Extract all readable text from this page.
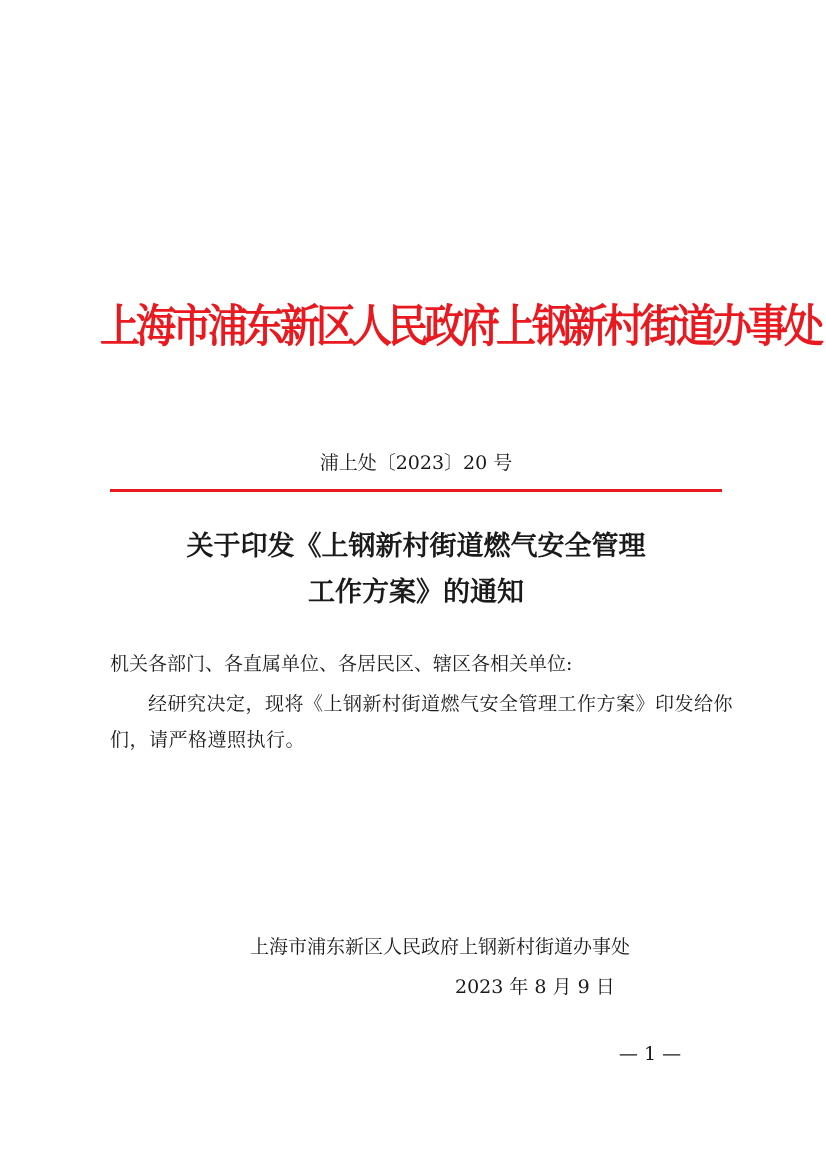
上海市浦东新区人民政府上钢新村街道办事处
浦上处〔2023〕20 号
关于印发《上钢新村街道燃气安全管理
工作方案》的通知
机关各部门、各直属单位、各居民区、辖区各相关单位:
经研究决定，现将《上钢新村街道燃气安全管理工作方案》印发给你们，请严格遵照执行。
上海市浦东新区人民政府上钢新村街道办事处
2023 年 8 月 9 日
— 1 —
